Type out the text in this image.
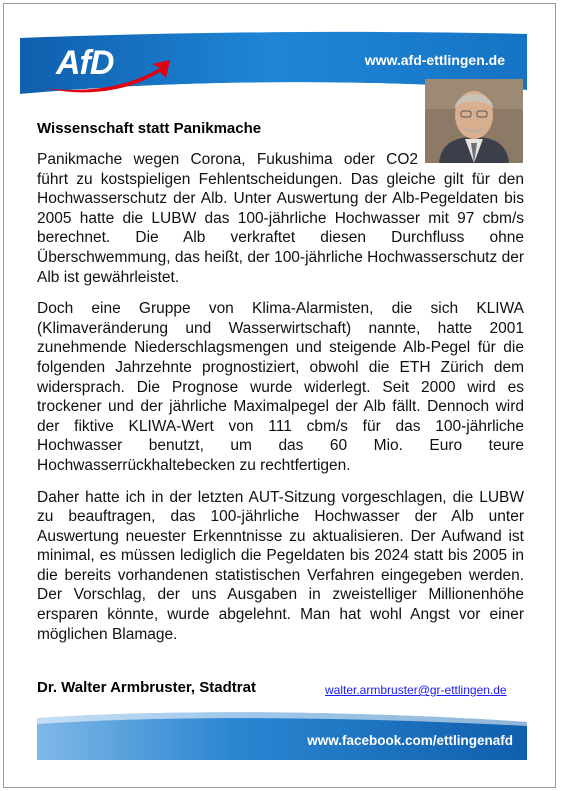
AfD	www.afd-ettlingen.de
Wissenschaft statt Panikmache

Panikmache wegen Corona, Fukushima oder CO2 führt zu kostspieligen Fehlentscheidungen. Das gleiche gilt für den Hochwasserschutz der Alb. Unter Auswertung der Alb-Pegeldaten bis 2005 hatte die LUBW das 100-jährliche Hochwasser mit 97 cbm/s berechnet. Die Alb verkraftet diesen Durchfluss ohne Überschwemmung, das heißt, der 100-jährliche Hochwasserschutz der Alb ist gewährleistet.

Doch eine Gruppe von Klima-Alarmisten, die sich KLIWA (Klimaveränderung und Wasserwirtschaft) nannte, hatte 2001 zunehmende Niederschlagsmengen und steigende Alb-Pegel für die folgenden Jahrzehnte prognostiziert, obwohl die ETH Zürich dem widersprach. Die Prognose wurde widerlegt. Seit 2000 wird es trockener und der jährliche Maximalpegel der Alb fällt. Dennoch wird der fiktive KLIWA-Wert von 111 cbm/s für das 100-jährliche Hochwasser benutzt, um das 60 Mio. Euro teure Hochwasserrückhaltebecken zu rechtfertigen.

Daher hatte ich in der letzten AUT-Sitzung vorgeschlagen, die LUBW zu beauftragen, das 100-jährliche Hochwasser der Alb unter Auswertung neuester Erkenntnisse zu aktualisieren. Der Aufwand ist minimal, es müssen lediglich die Pegeldaten bis 2024 statt bis 2005 in die bereits vorhandenen statistischen Verfahren eingegeben werden. Der Vorschlag, der uns Ausgaben in zweistelliger Millionenhöhe ersparen könnte, wurde abgelehnt. Man hat wohl Angst vor einer möglichen Blamage.

Dr. Walter Armbruster, Stadtrat	walter.armbruster@gr-ettlingen.de
www.facebook.com/ettlingenafd
